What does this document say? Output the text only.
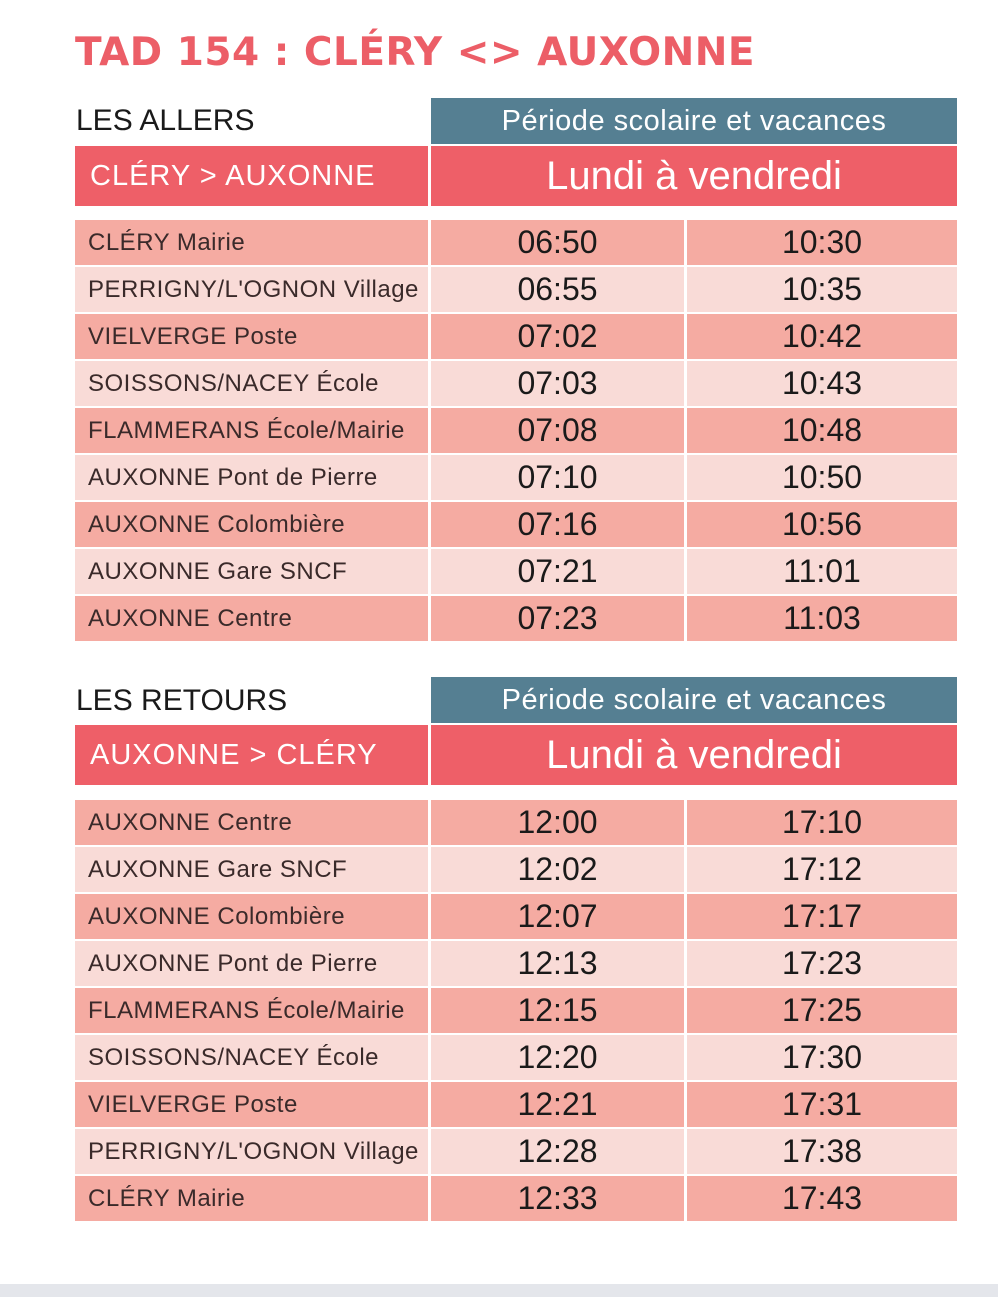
TAD 154 : CLÉRY <> AUXONNE
LES ALLERS	Période scolaire et vacances
CLÉRY > AUXONNE	Lundi à vendredi
CLÉRY Mairie	06:50	10:30
PERRIGNY/L'OGNON Village	06:55	10:35
VIELVERGE Poste	07:02	10:42
SOISSONS/NACEY École	07:03	10:43
FLAMMERANS École/Mairie	07:08	10:48
AUXONNE Pont de Pierre	07:10	10:50
AUXONNE Colombière	07:16	10:56
AUXONNE Gare SNCF	07:21	11:01
AUXONNE Centre	07:23	11:03
LES RETOURS	Période scolaire et vacances
AUXONNE > CLÉRY	Lundi à vendredi
AUXONNE Centre	12:00	17:10
AUXONNE Gare SNCF	12:02	17:12
AUXONNE Colombière	12:07	17:17
AUXONNE Pont de Pierre	12:13	17:23
FLAMMERANS École/Mairie	12:15	17:25
SOISSONS/NACEY École	12:20	17:30
VIELVERGE Poste	12:21	17:31
PERRIGNY/L'OGNON Village	12:28	17:38
CLÉRY Mairie	12:33	17:43
